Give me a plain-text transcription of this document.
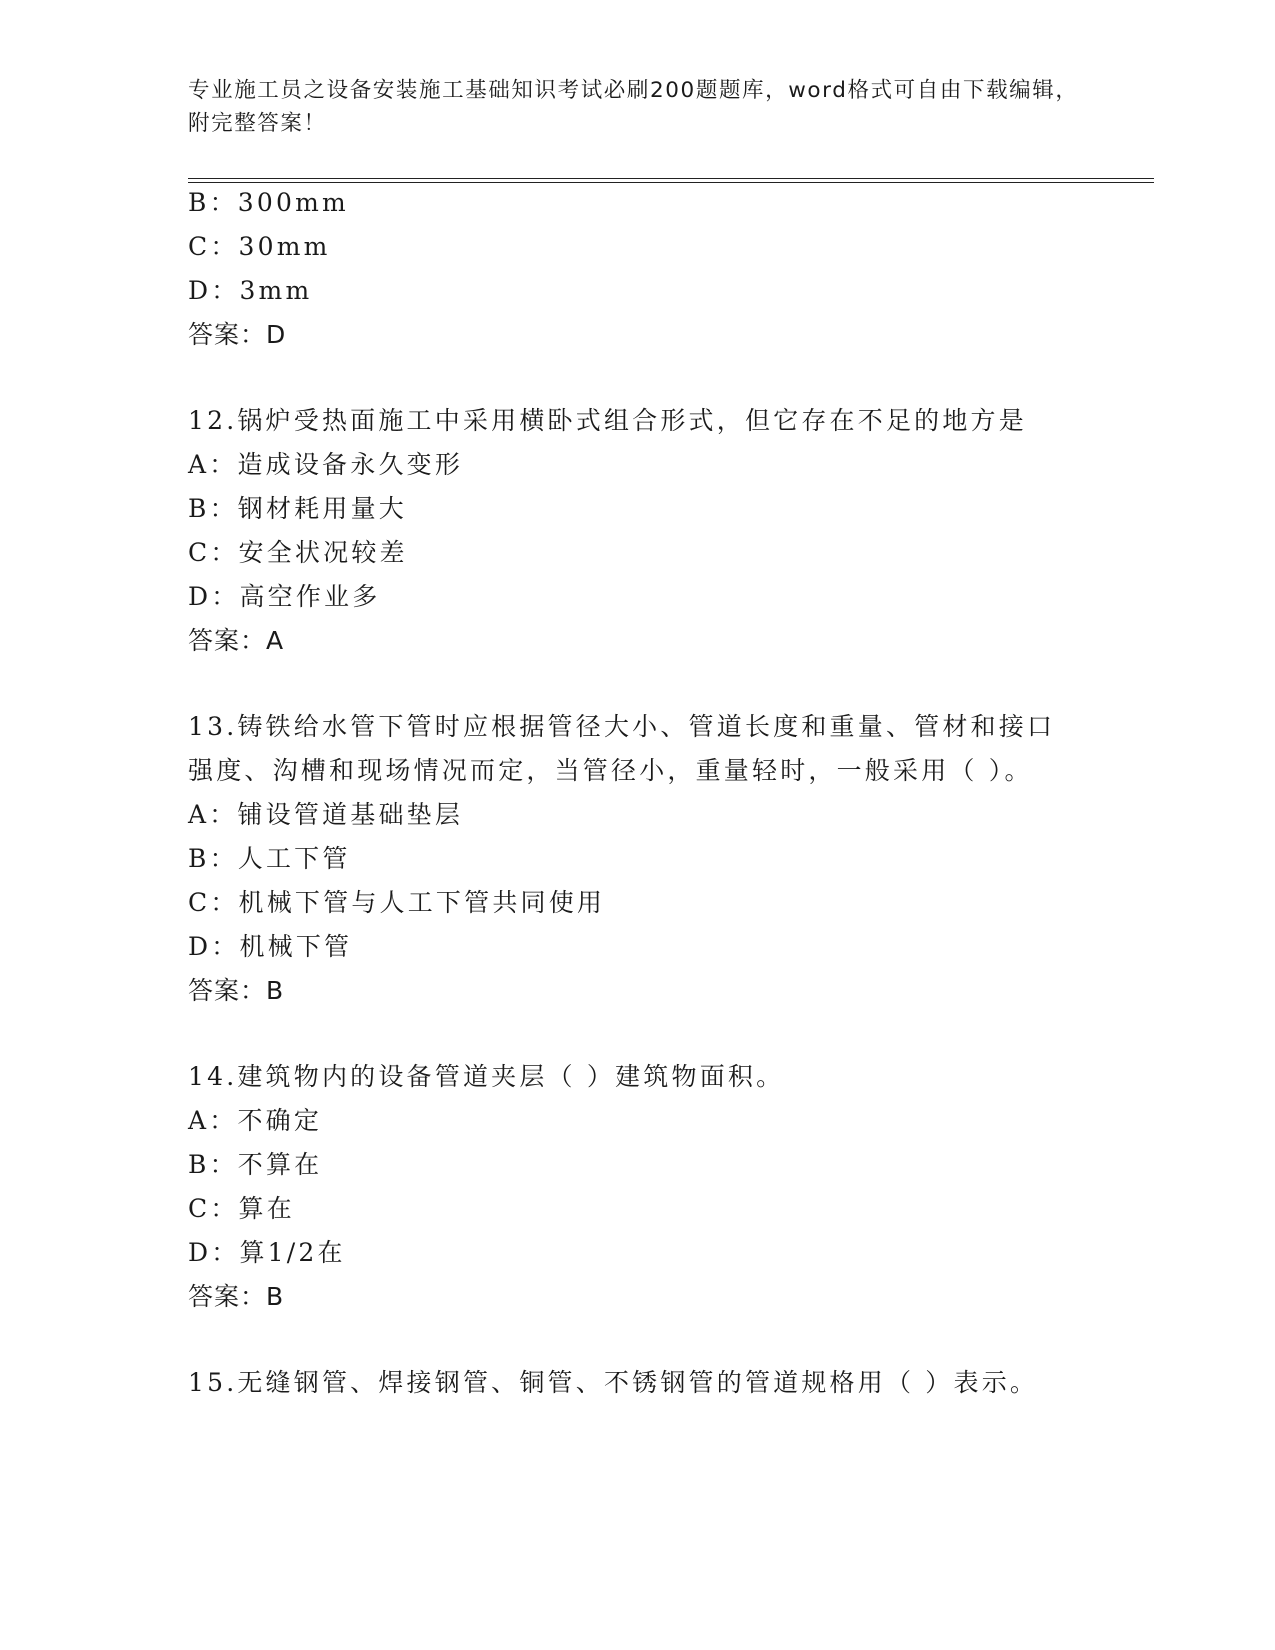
专业施工员之设备安装施工基础知识考试必刷200题题库，word格式可自由下载编辑，附完整答案！
B：300mm
C：30mm
D：3mm
答案：D
12.锅炉受热面施工中采用横卧式组合形式，但它存在不足的地方是
A：造成设备永久变形
B：钢材耗用量大
C：安全状况较差
D：高空作业多
答案：A
13.铸铁给水管下管时应根据管径大小、管道长度和重量、管材和接口
强度、沟槽和现场情况而定，当管径小，重量轻时，一般采用（ ）。
A：铺设管道基础垫层
B：人工下管
C：机械下管与人工下管共同使用
D：机械下管
答案：B
14.建筑物内的设备管道夹层（ ）建筑物面积。
A：不确定
B：不算在
C：算在
D：算1/2在
答案：B
15.无缝钢管、焊接钢管、铜管、不锈钢管的管道规格用（ ）表示。
